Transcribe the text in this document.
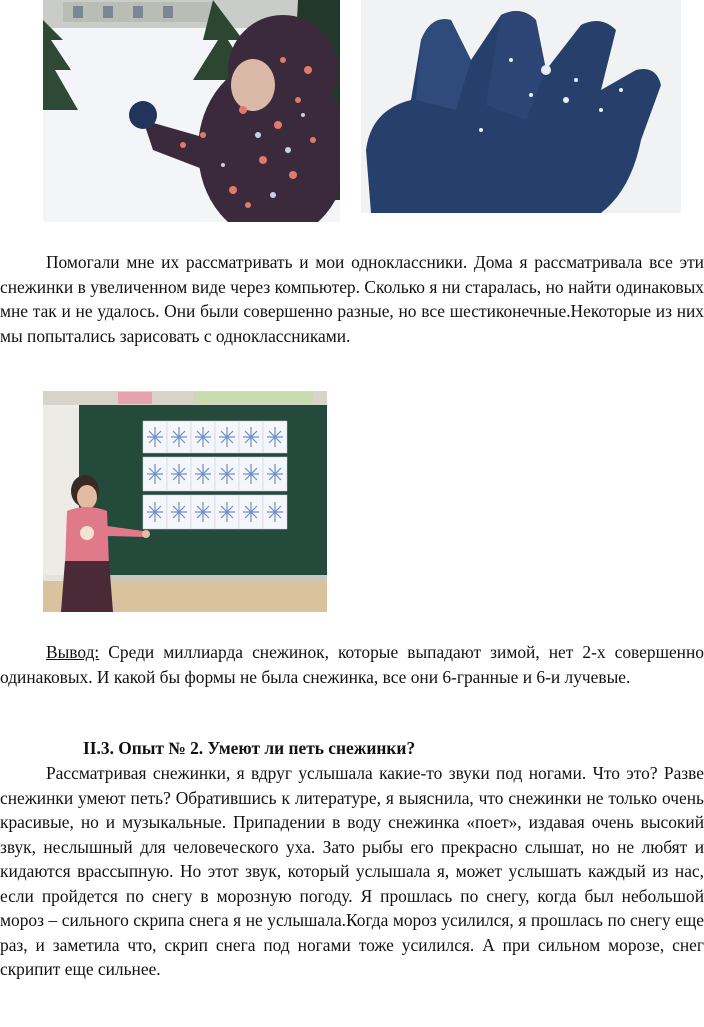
Помогали мне их рассматривать и мои одноклассники. Дома я рассматривала все эти снежинки в увеличенном виде через компьютер. Сколько я ни старалась, но найти одинаковых мне так и не удалось. Они были совершенно разные, но все шестиконечные.Некоторые из них мы попытались зарисовать с одноклассниками.

Вывод: Среди миллиарда снежинок, которые выпадают зимой, нет 2-х совершенно одинаковых. И какой бы формы не была снежинка, все они 6-гранные и 6-и лучевые.

II.3. Опыт № 2. Умеют ли петь снежинки?

Рассматривая снежинки, я вдруг услышала какие-то звуки под ногами. Что это? Разве снежинки умеют петь? Обратившись к литературе, я выяснила, что снежинки не только очень красивые, но и музыкальные. Припадении в воду снежинка «поет», издавая очень высокий звук, неслышный для человеческого уха. Зато рыбы его прекрасно слышат, но не любят и кидаются врассыпную. Но этот звук, который услышала я, может услышать каждый из нас, если пройдется по снегу в морозную погоду. Я прошлась по снегу, когда был небольшой мороз – сильного скрипа снега я не услышала.Когда мороз усилился, я прошлась по снегу еще раз, и заметила что, скрип снега под ногами тоже усилился. А при сильном морозе, снег скрипит еще сильнее.
